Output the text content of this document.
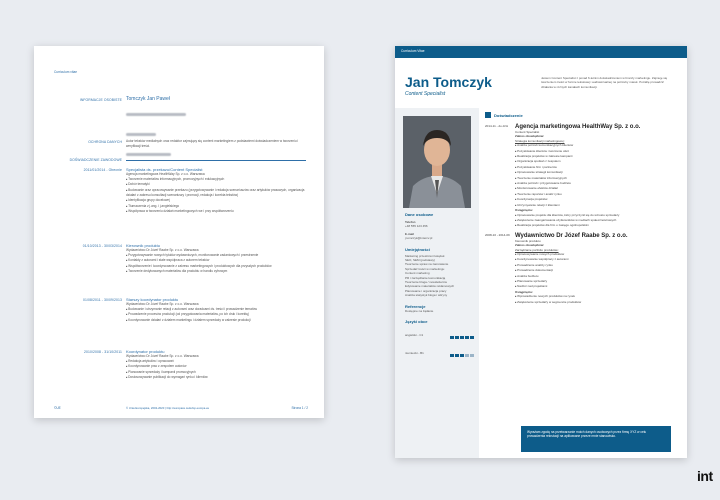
Curriculum vitae
INFORMACJE OSOBISTE Tomczyk Jan Paweł
OCHRONA DANYCH Autor tekstów medialnych oraz redaktor zajmujący się content marketingiem z podstawiemi doświadczeniem w tworzeniu i weryfikacji treści.
DOŚWIADCZENIE ZAWODOWE
2011/01/2014 - Obecnie Specjalista ds. przekazu/Content Specialist
Agencja marketingowa HealthWay Sp. z o.o. Warszawa
■ Tworzenie materiałów informacyjnych, promocyjnych i edukacyjnych
■ Dobór tematyki
■ Budowanie oraz opracowywanie przekazu (przygotowywanie i redakcja scenariuszów oraz artykułów prasowych, organizacja działań z zakresu konsultacji scenariuszy i promocji, redakcja i korekta tekstów)
■ Identyfikacja grupy docelowej
■ Tłumaczenia z j.ang. i j.angielskiego
■ Współpraca w tworzeniu działań marketingowych we i przy współtworzeniu
01/10/2013 - 30/03/2014 Kierownik produktu
Wydawnictwo Dr Józef Raabe Sp. z o.o. Warszawa
■ Przygotowywanie nowych tytułów wydawniczych, monitorowanie zadaniowych i przestrzenie
■ Kontakty z autorami i stałe współpraca z autorem tekstów
■ Współtworzenie i koordynowanie z zakresu marketingowych i produktowych dla przyszłych produktów
■ Tworzenie dedykowanych materiałów dla produktu w handlu cyfrowym
01/08/2011 - 30/09/2013 Starszy koordynator produktu
Wydawnictwo Dr Józef Raabe Sp. z o.o. Warszawa
■ Budowanie i utrzymanie relacji z autorami oraz doradcami ds. treści i prowadzenie tematów
■ Prowadzenie procesów produkcji (od przygotowania materiałów, po ich druk i korektę)
■ Koordynowanie działań z działem marketingu i działem sprzedaży w zakresie produkcji
2010/2008 - 31/10/2011 Koordynator produktu
Wydawnictwo Dr Józef Raabe Sp. z o.o. Warszawa
■ Redakcja artykułów i opracowań
■ Koordynowanie prac z zespołem autorów
■ Planowanie sprzedaży i kampanii promocyjnych
■ Dostosowywanie publikacji do wymagań rynku i klientów
©UE	© Unia Europejska, 2002-2020 | http://europass.cedefop.europa.eu	Strona 1 / 2
Curriculum Vitae
Jan Tomczyk
Content Specialist
Jestem Content Specialist z ponad 6-letnim doświadczeniem w branży marketingu. Zajmuję się tworzeniem treści w formie tekstowej i audiowizualnej na potrzeby marek. Potrafię prowadzić działania w różnych kanałach komunikacji.
Dane osobowe
Telefon
+48 555 123 456
E-mail
j.tomczyk@intercv.pl
Umiejętności
Marketing przestrzeni książek
SEO, SEM (podstawy)
Tworzenie spraw na zamówienie
Sprzedaż treści w marketingu
Content marketing
PR i zarządzanie komunikacją
Tworzenie bloga / newsletterów
Edytowanie materiałów reklamowych
Planowanie i organizacja pracy
Analiza statystyk bloga i witryny
Referencje
Dostępne na żądanie
Języki obce
angielski - C1
niemiecki - B1
Doświadczenie
2014-11 - do dziś	Agencja marketingowa HealthWay Sp. z o.o.
Content Specialist
Zakres obowiązków:
Strategia komunikacji marketingowej:
■ Analiza potrzeb komunikacyjnych klientów
■ Pozyskiwanie klientów i tworzenie ofert
■ Realizacja projektów w zakresie kampanii
■ Organizacja spotkań z zespołem
■ Pozyskiwanie firm i partnerów
■ Opracowanie strategii komunikacji
■ Tworzenie materiałów informacyjnych
■ Analiza potrzeb i przygotowanie budżetu
■ Monitorowanie efektów działań
■ Tworzenie raportów i analiz rynku
■ Koordynacja projektów
■ Utrzymywanie relacji z klientami
Osiągnięcia:
■ Opracowanie projektu dla klientów, który przyczynił się do wzrostu sprzedaży
■ Zwiększenie zaangażowania użytkowników w mediach społecznościowych
■ Realizacja projektów dla firm o zasięgu ogólnopolskim
2008-10 - 2014-09 Wydawnictwo Dr Józef Raabe Sp. z o.o.
Kierownik produktu
Zakres obowiązków:
Zarządzanie portfolio produktów:
■ Opracowywanie nowych produktów
■ Koordynowanie współpracy z autorami
■ Prowadzenie analizy rynku
■ Prowadzenie dokumentacji
■ Analiza budżetu
■ Planowanie sprzedaży
■ Nadzór nad projektami
Osiągnięcia:
■ Wprowadzenie nowych produktów na rynek
■ Zwiększenie sprzedaży w segmencie produktów
Wyrażam zgodę na przetwarzanie moich danych osobowych przez firmę XYZ w celu prowadzenia rekrutacji na aplikowane przeze mnie stanowisko.
int
